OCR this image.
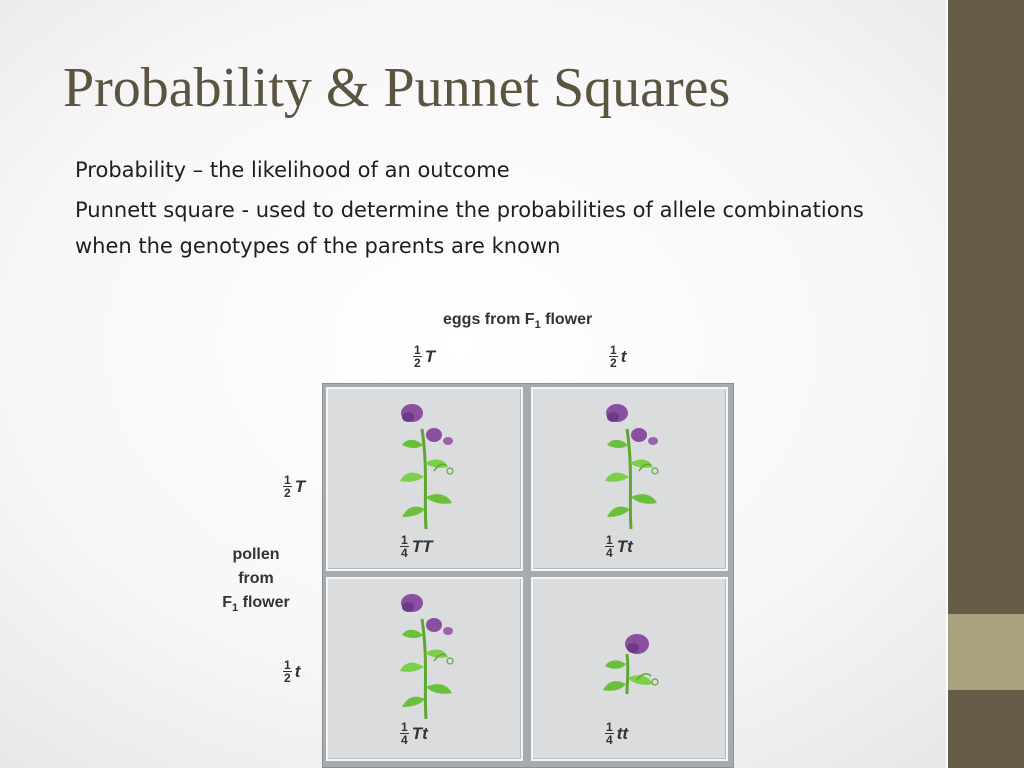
Probability & Punnet Squares

Probability – the likelihood of an outcome

Punnett square - used to determine the probabilities of allele combinations when the genotypes of the parents are known

eggs from $F_1$ flower
$\frac{1}{2}$ T	$\frac{1}{2}$ t
$\frac{1}{2}$ T
$\frac{1}{2}$ t
pollen
from
$F_1$ flower
$\frac{1}{4}$ TT	$\frac{1}{4}$ Tt
$\frac{1}{4}$ Tt	$\frac{1}{4}$ tt
